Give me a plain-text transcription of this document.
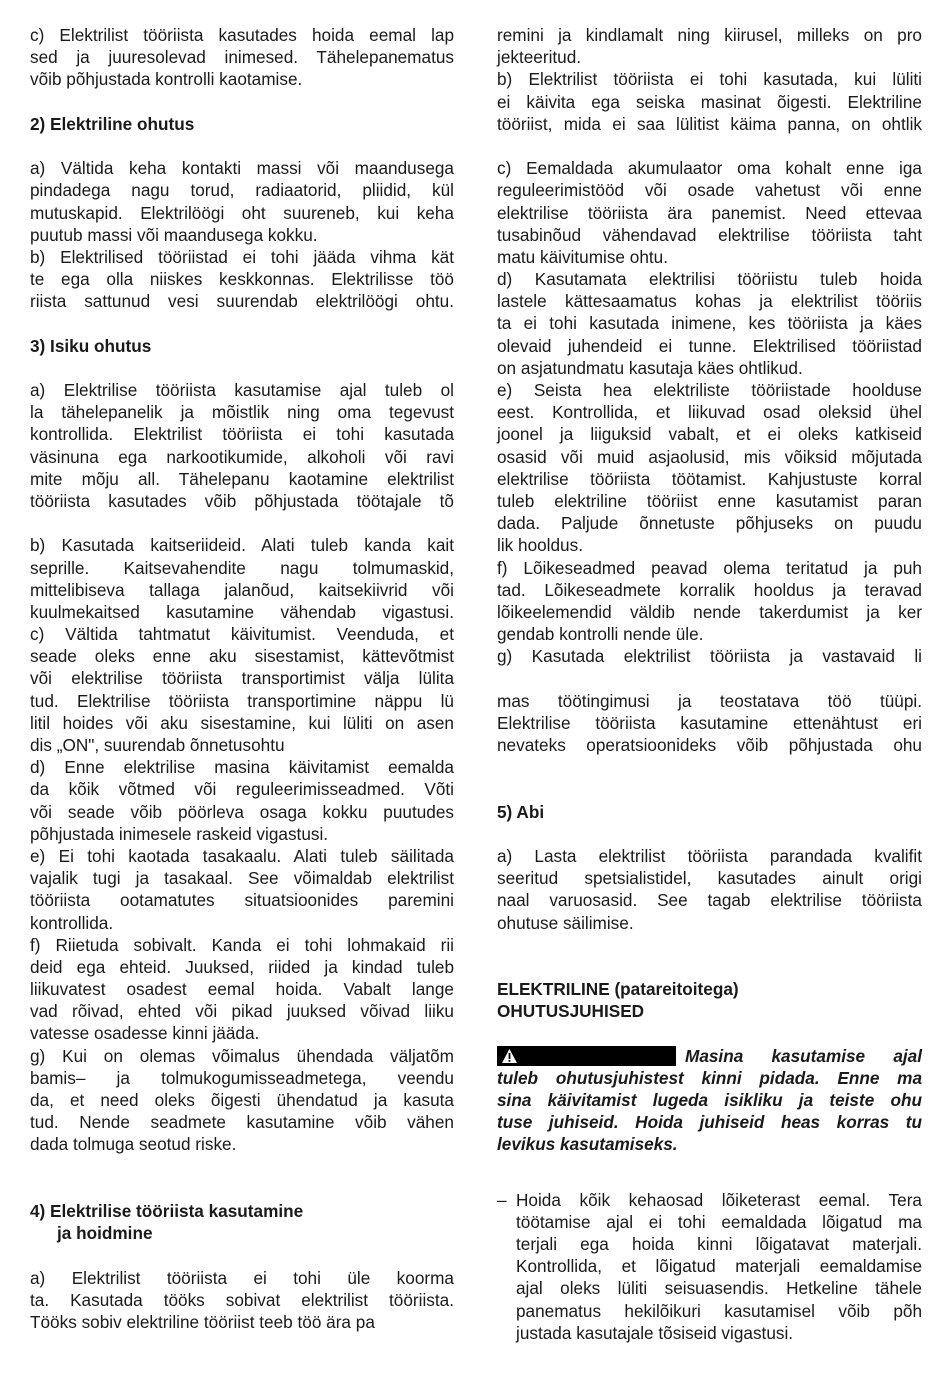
c) Elektrilist tööriista kasutades hoida eemal lap
sed ja juuresolevad inimesed. Tähelepanematus
võib põhjustada kontrolli kaotamise.
2) Elektriline ohutus
a) Vältida keha kontakti massi või maandusega
pindadega nagu torud, radiaatorid, pliidid, kül
mutuskapid. Elektrilöögi oht suureneb, kui keha
puutub massi või maandusega kokku.
b) Elektrilised tööriistad ei tohi jääda vihma kät
te ega olla niiskes keskkonnas. Elektrilisse töö
riista sattunud vesi suurendab elektrilöögi ohtu.
3) Isiku ohutus
a) Elektrilise tööriista kasutamise ajal tuleb ol
la tähelepanelik ja mõistlik ning oma tegevust
kontrollida. Elektrilist tööriista ei tohi kasutada
väsinuna ega narkootikumide, alkoholi või ravi
mite mõju all. Tähelepanu kaotamine elektrilist
tööriista kasutades võib põhjustada töötajale tõ
b) Kasutada kaitseriideid. Alati tuleb kanda kait
seprille. Kaitsevahendite nagu tolmumaskid,
mittelibiseva tallaga jalanõud, kaitsekiivrid või
kuulmekaitsed kasutamine vähendab vigastusi.
c) Vältida tahtmatut käivitumist. Veenduda, et
seade oleks enne aku sisestamist, kättevõtmist
või elektrilise tööriista transportimist välja lülita
tud. Elektrilise tööriista transportimine näppu lü
litil hoides või aku sisestamine, kui lüliti on asen
dis „ON", suurendab õnnetusohtu
d) Enne elektrilise masina käivitamist eemalda
da kõik võtmed või reguleerimisseadmed. Võti
või seade võib pöörleva osaga kokku puutudes
põhjustada inimesele raskeid vigastusi.
e) Ei tohi kaotada tasakaalu. Alati tuleb säilitada
vajalik tugi ja tasakaal. See võimaldab elektrilist
tööriista ootamatutes situatsioonides paremini
kontrollida.
f) Riietuda sobivalt. Kanda ei tohi lohmakaid rii
deid ega ehteid. Juuksed, riided ja kindad tuleb
liikuvatest osadest eemal hoida. Vabalt lange
vad rõivad, ehted või pikad juuksed võivad liiku
vatesse osadesse kinni jääda.
g) Kui on olemas võimalus ühendada väljatõm
bamis– ja tolmukogumisseadmetega, veendu
da, et need oleks õigesti ühendatud ja kasuta
tud. Nende seadmete kasutamine võib vähen
dada tolmuga seotud riske.
4) Elektrilise tööriista kasutamine
ja hoidmine
a) Elektrilist tööriista ei tohi üle koorma
ta. Kasutada tööks sobivat elektrilist tööriista.
Tööks sobiv elektriline tööriist teeb töö ära pa
remini ja kindlamalt ning kiirusel, milleks on pro
jekteeritud.
b) Elektrilist tööriista ei tohi kasutada, kui lüliti
ei käivita ega seiska masinat õigesti. Elektriline
tööriist, mida ei saa lülitist käima panna, on ohtlik
c) Eemaldada akumulaator oma kohalt enne iga
reguleerimistööd või osade vahetust või enne
elektrilise tööriista ära panemist. Need ettevaa
tusabinõud vähendavad elektrilise tööriista taht
matu käivitumise ohtu.
d) Kasutamata elektrilisi tööriistu tuleb hoida
lastele kättesaamatus kohas ja elektrilist tööriis
ta ei tohi kasutada inimene, kes tööriista ja käes
olevaid juhendeid ei tunne. Elektrilised tööriistad
on asjatundmatu kasutaja käes ohtlikud.
e) Seista hea elektriliste tööriistade hoolduse
eest. Kontrollida, et liikuvad osad oleksid ühel
joonel ja liiguksid vabalt, et ei oleks katkiseid
osasid või muid asjaolusid, mis võiksid mõjutada
elektrilise tööriista töötamist. Kahjustuste korral
tuleb elektriline tööriist enne kasutamist paran
dada. Paljude õnnetuste põhjuseks on puudu
lik hooldus.
f) Lõikeseadmed peavad olema teritatud ja puh
tad. Lõikeseadmete korralik hooldus ja teravad
lõikeelemendid väldib nende takerdumist ja ker
gendab kontrolli nende üle.
g) Kasutada elektrilist tööriista ja vastavaid li
mas töötingimusi ja teostatava töö tüüpi.
Elektrilise tööriista kasutamine ettenähtust eri
nevateks operatsioonideks võib põhjustada ohu
5) Abi
a) Lasta elektrilist tööriista parandada kvalifit
seeritud spetsialistidel, kasutades ainult origi
naal varuosasid. See tagab elektrilise tööriista
ohutuse säilimise.
ELEKTRILINE (patareitoitega)
OHUTUSJUHISED
Masina kasutamise ajal
tuleb ohutusjuhistest kinni pidada. Enne ma
sina käivitamist lugeda isikliku ja teiste ohu
tuse juhiseid. Hoida juhiseid heas korras tu
levikus kasutamiseks.
– Hoida kõik kehaosad lõiketerast eemal. Tera
töötamise ajal ei tohi eemaldada lõigatud ma
terjali ega hoida kinni lõigatavat materjali.
Kontrollida, et lõigatud materjali eemaldamise
ajal oleks lüliti seisuasendis. Hetkeline tähele
panematus hekilõikuri kasutamisel võib põh
justada kasutajale tõsiseid vigastusi.
